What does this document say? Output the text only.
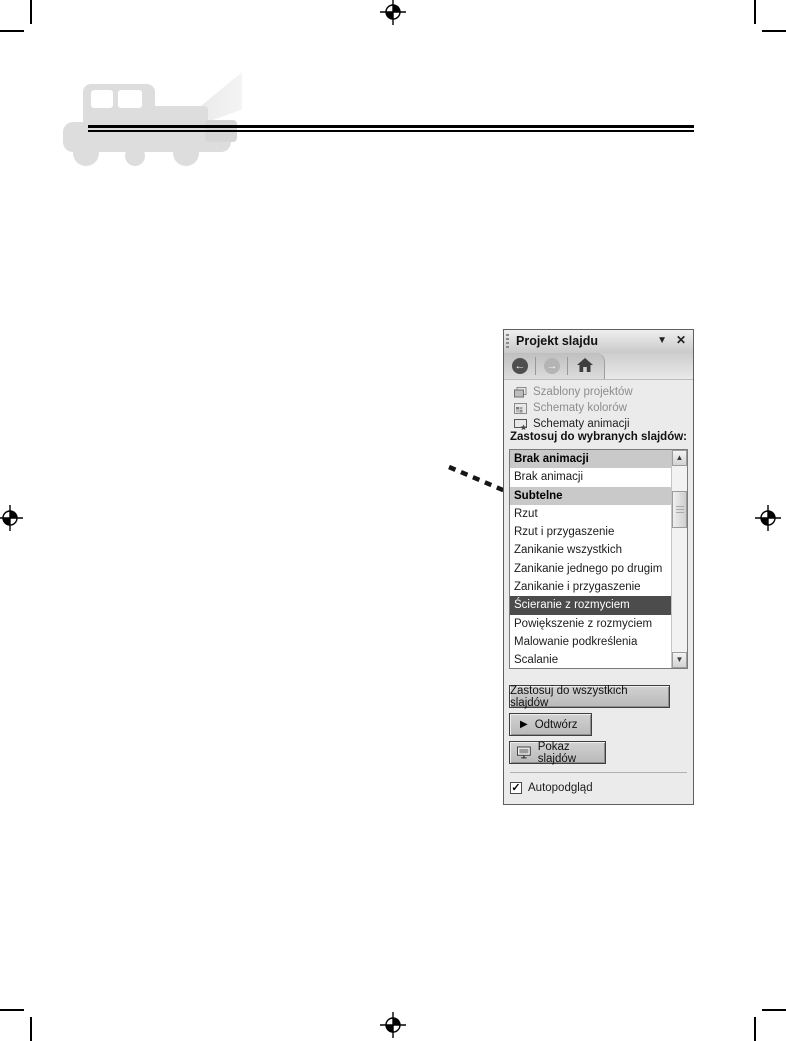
Projekt slajdu	▼ ✕
← →
Szablony projektów
Schematy kolorów
Schematy animacji
Zastosuj do wybranych slajdów:
Brak animacji
Brak animacji
Subtelne
Rzut
Rzut i przygaszenie
Zanikanie wszystkich
Zanikanie jednego po drugim
Zanikanie i przygaszenie
Ścieranie z rozmyciem
Powiększenie z rozmyciem
Malowanie podkreślenia
Scalanie
▲
▼
Zastosuj do wszystkich slajdów
▶ Odtwórz
Pokaz slajdów
✓ Autopodgląd
